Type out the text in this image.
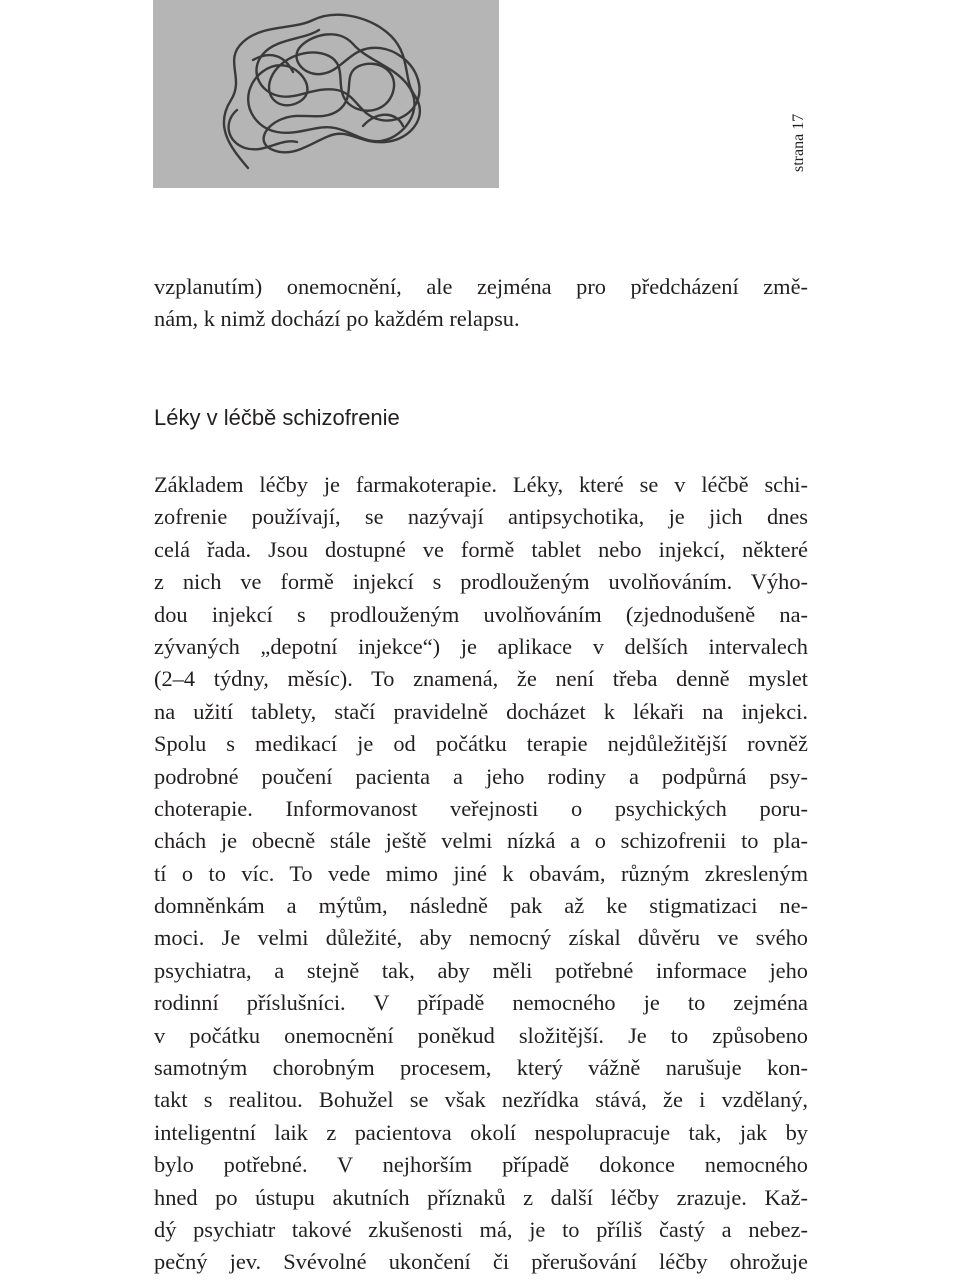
strana 17
vzplanutím) onemocnění, ale zejména pro předcházení změ-
nám, k nimž dochází po každém relapsu.
Léky v léčbě schizofrenie
Základem léčby je farmakoterapie. Léky, které se v léčbě schi-
zofrenie používají, se nazývají antipsychotika, je jich dnes
celá řada. Jsou dostupné ve formě tablet nebo injekcí, některé
z nich ve formě injekcí s prodlouženým uvolňováním. Výho-
dou injekcí s prodlouženým uvolňováním (zjednodušeně na-
zývaných „depotní injekce“) je aplikace v delších intervalech
(2–4 týdny, měsíc). To znamená, že není třeba denně myslet
na užití tablety, stačí pravidelně docházet k lékaři na injekci.
Spolu s medikací je od počátku terapie nejdůležitější rovněž
podrobné poučení pacienta a jeho rodiny a podpůrná psy-
choterapie. Informovanost veřejnosti o psychických poru-
chách je obecně stále ještě velmi nízká a o schizofrenii to pla-
tí o to víc. To vede mimo jiné k obavám, různým zkresleným
domněnkám a mýtům, následně pak až ke stigmatizaci ne-
moci. Je velmi důležité, aby nemocný získal důvěru ve svého
psychiatra, a stejně tak, aby měli potřebné informace jeho
rodinní příslušníci. V případě nemocného je to zejména
v počátku onemocnění poněkud složitější. Je to způsobeno
samotným chorobným procesem, který vážně narušuje kon-
takt s realitou. Bohužel se však nezřídka stává, že i vzdělaný,
inteligentní laik z pacientova okolí nespolupracuje tak, jak by
bylo potřebné. V nejhorším případě dokonce nemocného
hned po ústupu akutních příznaků z další léčby zrazuje. Kaž-
dý psychiatr takové zkušenosti má, je to příliš častý a nebez-
pečný jev. Svévolné ukončení či přerušování léčby ohrožuje
